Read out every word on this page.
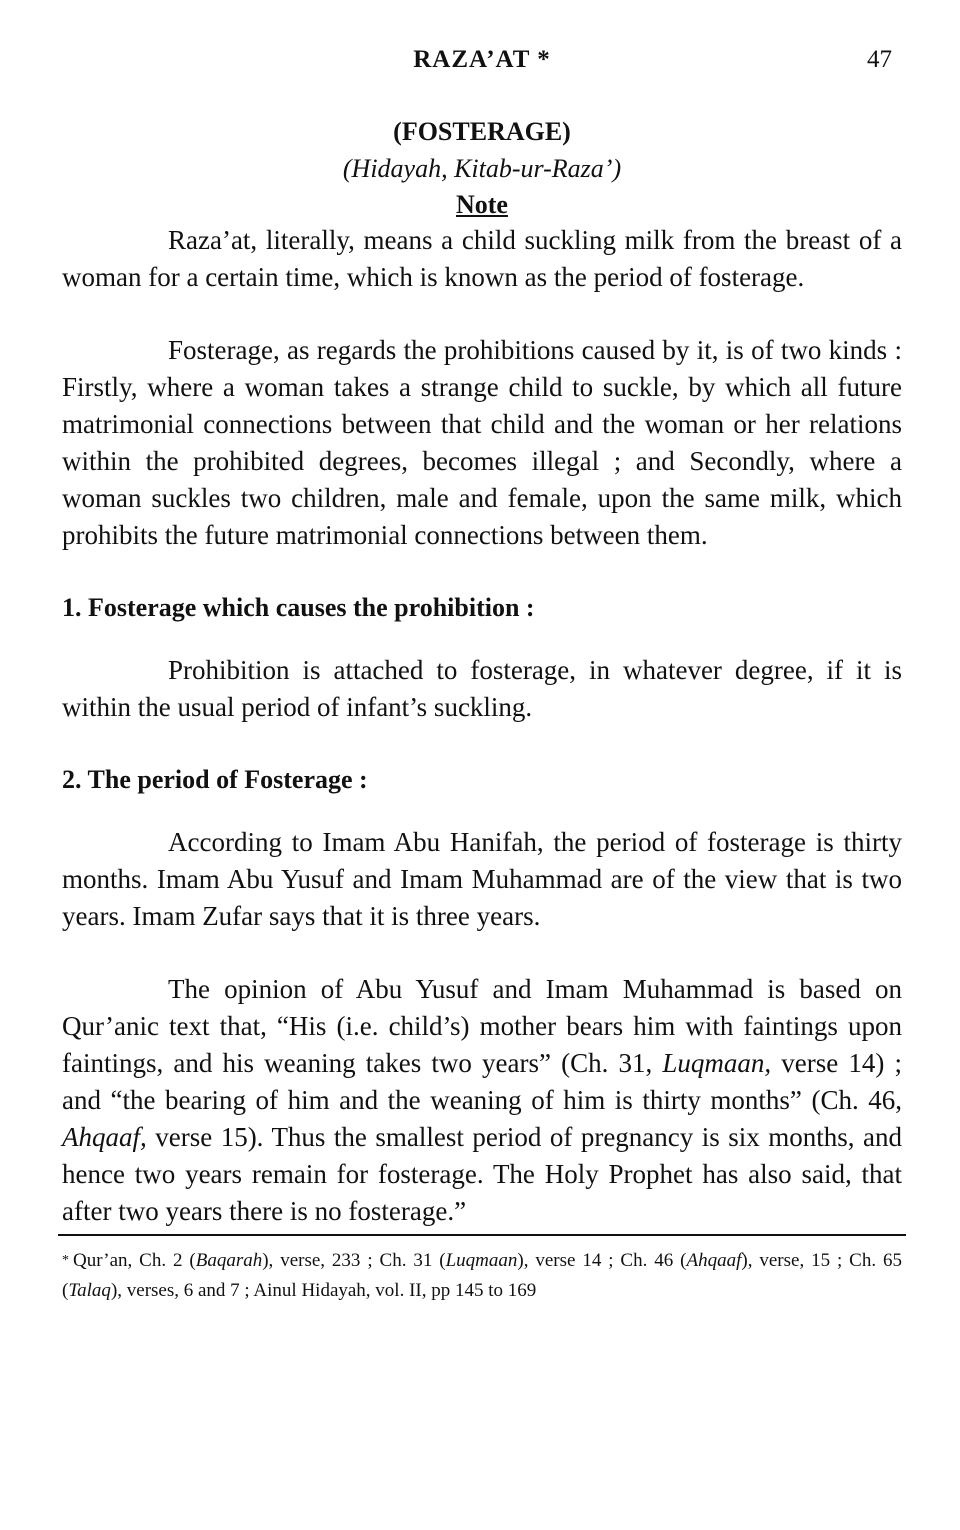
RAZA’AT *	47
(FOSTERAGE)
(Hidayah, Kitab-ur-Raza’)
Note

Raza’at, literally, means a child suckling milk from the breast of a woman for a certain time, which is known as the period of fosterage.

Fosterage, as regards the prohibitions caused by it, is of two kinds : Firstly, where a woman takes a strange child to suckle, by which all future matrimonial connections between that child and the woman or her relations within the prohibited degrees, becomes illegal ; and Secondly, where a woman suckles two children, male and female, upon the same milk, which prohibits the future matrimonial connections between them.

1. Fosterage which causes the prohibition :

Prohibition is attached to fosterage, in whatever degree, if it is within the usual period of infant’s suckling.

2. The period of Fosterage :

According to Imam Abu Hanifah, the period of fosterage is thirty months. Imam Abu Yusuf and Imam Muhammad are of the view that is two years. Imam Zufar says that it is three years.

The opinion of Abu Yusuf and Imam Muhammad is based on Qur’anic text that, “His (i.e. child’s) mother bears him with faintings upon faintings, and his weaning takes two years” (Ch. 31, Luqmaan, verse 14) ; and “the bearing of him and the weaning of him is thirty months” (Ch. 46, Ahqaaf, verse 15). Thus the smallest period of pregnancy is six months, and hence two years remain for fosterage. The Holy Prophet has also said, that after two years there is no fosterage.”

* Qur’an, Ch. 2 (Baqarah), verse, 233 ; Ch. 31 (Luqmaan), verse 14 ; Ch. 46 (Ahqaaf), verse, 15 ; Ch. 65 (Talaq), verses, 6 and 7 ; Ainul Hidayah, vol. II, pp 145 to 169
